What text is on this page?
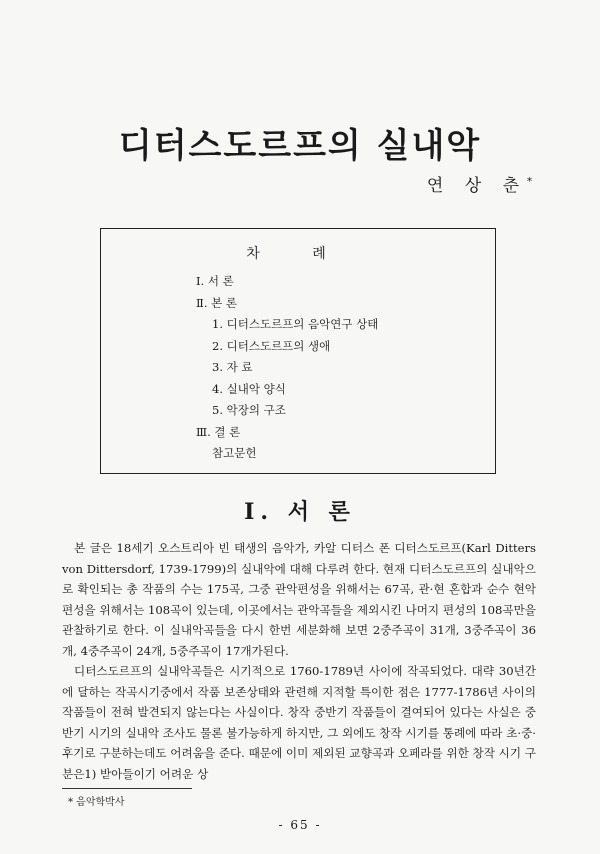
디터스도르프의 실내악
연 상 춘*
차 례
Ⅰ. 서 론
Ⅱ. 본 론
1. 디터스도르프의 음악연구 상태
2. 디터스도르프의 생애
3. 자 료
4. 실내악 양식
5. 악장의 구조
Ⅲ. 결 론
참고문헌
Ⅰ. 서 론

본 글은 18세기 오스트리아 빈 태생의 음악가, 카알 디터스 폰 디터스도르프(Karl Ditters von Dittersdorf, 1739-1799)의 실내악에 대해 다루려 한다. 현재 디터스도르프의 실내악으로 확인되는 총 작품의 수는 175곡, 그중 관악편성을 위해서는 67곡, 관·현 혼합과 순수 현악편성을 위해서는 108곡이 있는데, 이곳에서는 관악곡들을 제외시킨 나머지 편성의 108곡만을 관찰하기로 한다. 이 실내악곡들을 다시 한번 세분화해 보면 2중주곡이 31개, 3중주곡이 36개, 4중주곡이 24개, 5중주곡이 17개가된다.

디터스도르프의 실내악곡들은 시기적으로 1760-1789년 사이에 작곡되었다. 대략 30년간에 달하는 작곡시기중에서 작품 보존상태와 관련해 지적할 특이한 점은 1777-1786년 사이의 작품들이 전혀 발견되지 않는다는 사실이다. 창작 중반기 작품들이 결여되어 있다는 사실은 중반기 시기의 실내악 조사도 물론 불가능하게 하지만, 그 외에도 창작 시기를 통례에 따라 초·중·후기로 구분하는데도 어려움을 준다. 때문에 이미 제외된 교향곡과 오페라를 위한 창작 시기 구분은1) 받아들이기 어려운 상

* 음악학박사
- 65 -
